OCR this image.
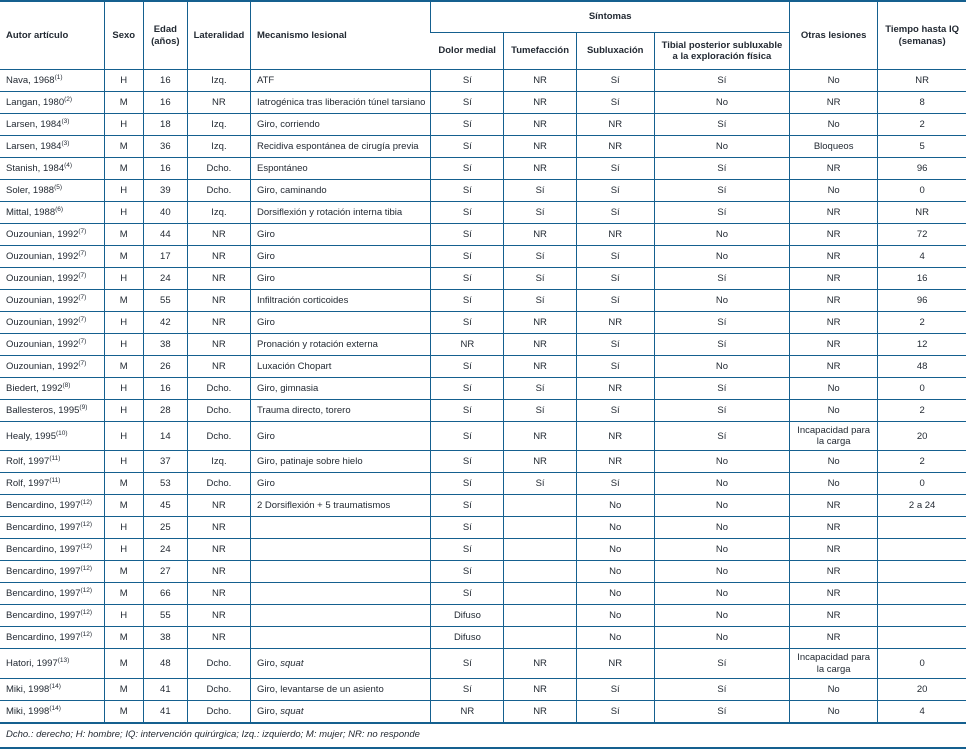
Autor artículo	Sexo	Edad (años)	Lateralidad	Mecanismo lesional	Síntomas				Otras lesiones	Tiempo hasta IQ (semanas)
					Dolor medial	Tumefacción	Subluxación	Tibial posterior subluxable a la exploración física		
Nava, 1968$^{(1)}$	H	16	Izq.	ATF	Sí	NR	Sí	Sí	No	NR
Langan, 1980$^{(2)}$	M	16	NR	Iatrogénica tras liberación túnel tarsiano	Sí	NR	Sí	No	NR	8
Larsen, 1984$^{(3)}$	H	18	Izq.	Giro, corriendo	Sí	NR	NR	Sí	No	2
Larsen, 1984$^{(3)}$	M	36	Izq.	Recidiva espontánea de cirugía previa	Sí	NR	NR	No	Bloqueos	5
Stanish, 1984$^{(4)}$	M	16	Dcho.	Espontáneo	Sí	NR	Sí	Sí	NR	96
Soler, 1988$^{(5)}$	H	39	Dcho.	Giro, caminando	Sí	Sí	Sí	Sí	No	0
Mittal, 1988$^{(6)}$	H	40	Izq.	Dorsiflexión y rotación interna tibia	Sí	Sí	Sí	Sí	NR	NR
Ouzounian, 1992$^{(7)}$	M	44	NR	Giro	Sí	NR	NR	No	NR	72
Ouzounian, 1992$^{(7)}$	M	17	NR	Giro	Sí	Sí	Sí	No	NR	4
Ouzounian, 1992$^{(7)}$	H	24	NR	Giro	Sí	Sí	Sí	Sí	NR	16
Ouzounian, 1992$^{(7)}$	M	55	NR	Infiltración corticoides	Sí	Sí	Sí	No	NR	96
Ouzounian, 1992$^{(7)}$	H	42	NR	Giro	Sí	NR	NR	Sí	NR	2
Ouzounian, 1992$^{(7)}$	H	38	NR	Pronación y rotación externa	NR	NR	Sí	Sí	NR	12
Ouzounian, 1992$^{(7)}$	M	26	NR	Luxación Chopart	Sí	NR	Sí	No	NR	48
Biedert, 1992$^{(8)}$	H	16	Dcho.	Giro, gimnasia	Sí	Sí	NR	Sí	No	0
Ballesteros, 1995$^{(9)}$	H	28	Dcho.	Trauma directo, torero	Sí	Sí	Sí	Sí	No	2
Healy, 1995$^{(10)}$	H	14	Dcho.	Giro	Sí	NR	NR	Sí	Incapacidad para la carga	20
Rolf, 1997$^{(11)}$	H	37	Izq.	Giro, patinaje sobre hielo	Sí	NR	NR	No	No	2
Rolf, 1997$^{(11)}$	M	53	Dcho.	Giro	Sí	Sí	Sí	No	No	0
Bencardino, 1997$^{(12)}$	M	45	NR	2 Dorsiflexión + 5 traumatismos	Sí		No	No	NR	2 a 24
Bencardino, 1997$^{(12)}$	H	25	NR		Sí		No	No	NR	
Bencardino, 1997$^{(12)}$	H	24	NR		Sí		No	No	NR	
Bencardino, 1997$^{(12)}$	M	27	NR		Sí		No	No	NR	
Bencardino, 1997$^{(12)}$	M	66	NR		Sí		No	No	NR	
Bencardino, 1997$^{(12)}$	H	55	NR		Difuso		No	No	NR	
Bencardino, 1997$^{(12)}$	M	38	NR		Difuso		No	No	NR	
Hatori, 1997$^{(13)}$	M	48	Dcho.	Giro, squat	Sí	NR	NR	Sí	Incapacidad para la carga	0
Miki, 1998$^{(14)}$	M	41	Dcho.	Giro, levantarse de un asiento	Sí	NR	Sí	Sí	No	20
Miki, 1998$^{(14)}$	M	41	Dcho.	Giro, squat	NR	NR	Sí	Sí	No	4
Dcho.: derecho; H: hombre; IQ: intervención quirúrgica; Izq.: izquierdo; M: mujer; NR: no responde										
